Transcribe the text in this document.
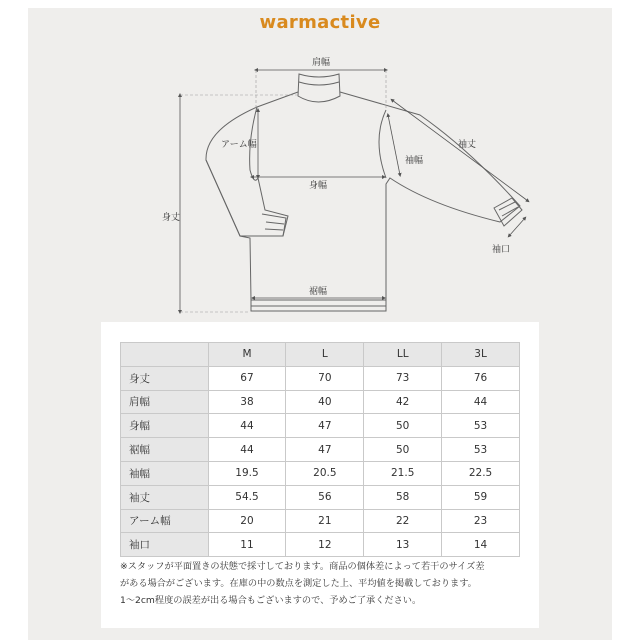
warmactive
肩幅
身丈
アーム幅
身幅
袖幅
袖丈
袖口
裾幅
	M	L	LL	3L
身丈	67	70	73	76
肩幅	38	40	42	44
身幅	44	47	50	53
裾幅	44	47	50	53
袖幅	19.5	20.5	21.5	22.5
袖丈	54.5	56	58	59
アーム幅	20	21	22	23
袖口	11	12	13	14
※スタッフが平面置きの状態で採寸しております。商品の個体差によって若干のサイズ差
がある場合がございます。在庫の中の数点を測定した上、平均値を掲載しております。
1〜2cm程度の誤差が出る場合もございますので、予めご了承ください。
